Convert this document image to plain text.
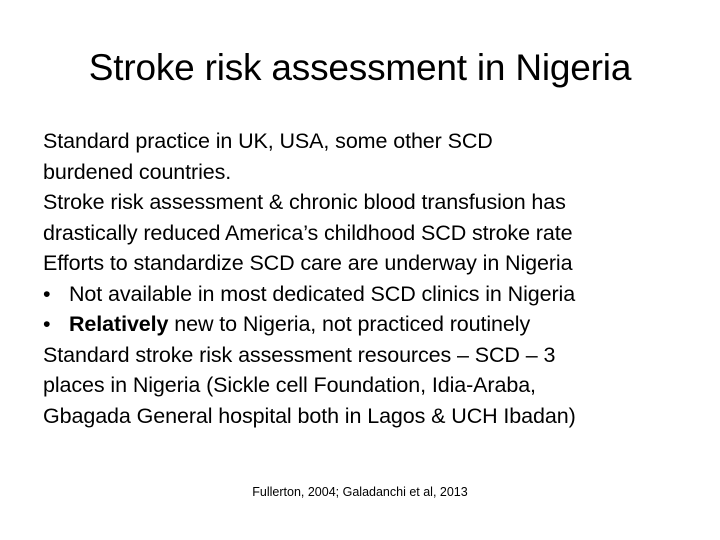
Stroke risk assessment in Nigeria
Standard practice in UK, USA, some other SCD
burdened countries.
Stroke risk assessment & chronic blood transfusion has
drastically reduced America’s childhood SCD stroke rate
Efforts to standardize SCD care are underway in Nigeria
• Not available in most dedicated SCD clinics in Nigeria
• Relatively new to Nigeria, not practiced routinely
Standard stroke risk assessment resources – SCD – 3
places in Nigeria (Sickle cell Foundation, Idia-Araba,
Gbagada General hospital both in Lagos & UCH Ibadan)
Fullerton, 2004; Galadanchi et al, 2013
